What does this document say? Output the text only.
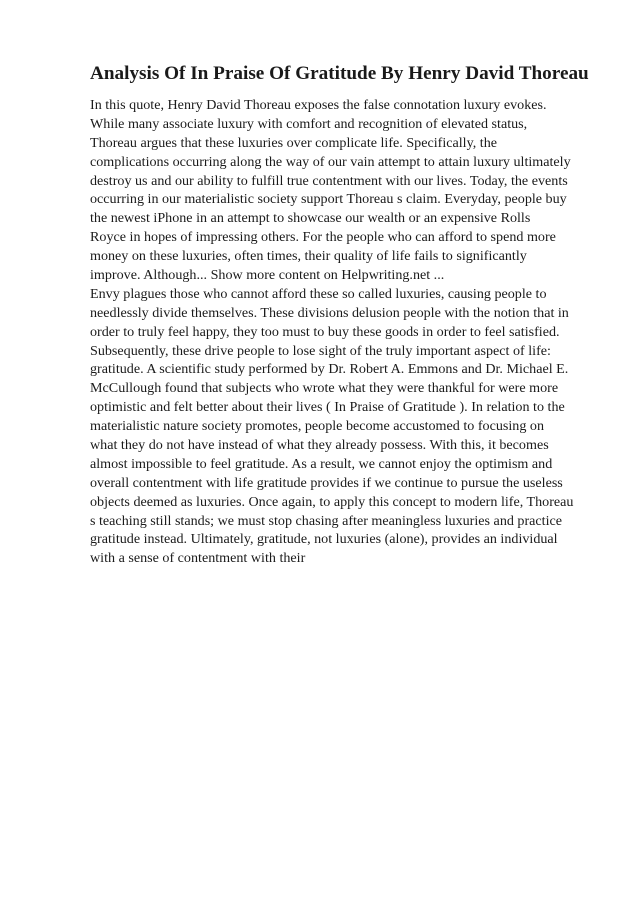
Analysis Of In Praise Of Gratitude By Henry David Thoreau
In this quote, Henry David Thoreau exposes the false connotation luxury evokes.
While many associate luxury with comfort and recognition of elevated status,
Thoreau argues that these luxuries over complicate life. Specifically, the
complications occurring along the way of our vain attempt to attain luxury ultimately
destroy us and our ability to fulfill true contentment with our lives. Today, the events
occurring in our materialistic society support Thoreau s claim. Everyday, people buy
the newest iPhone in an attempt to showcase our wealth or an expensive Rolls
Royce in hopes of impressing others. For the people who can afford to spend more
money on these luxuries, often times, their quality of life fails to significantly
improve. Although... Show more content on Helpwriting.net ...
Envy plagues those who cannot afford these so called luxuries, causing people to
needlessly divide themselves. These divisions delusion people with the notion that in
order to truly feel happy, they too must to buy these goods in order to feel satisfied.
Subsequently, these drive people to lose sight of the truly important aspect of life:
gratitude. A scientific study performed by Dr. Robert A. Emmons and Dr. Michael E.
McCullough found that subjects who wrote what they were thankful for were more
optimistic and felt better about their lives ( In Praise of Gratitude ). In relation to the
materialistic nature society promotes, people become accustomed to focusing on
what they do not have instead of what they already possess. With this, it becomes
almost impossible to feel gratitude. As a result, we cannot enjoy the optimism and
overall contentment with life gratitude provides if we continue to pursue the useless
objects deemed as luxuries. Once again, to apply this concept to modern life, Thoreau
s teaching still stands; we must stop chasing after meaningless luxuries and practice
gratitude instead. Ultimately, gratitude, not luxuries (alone), provides an individual
with a sense of contentment with their
